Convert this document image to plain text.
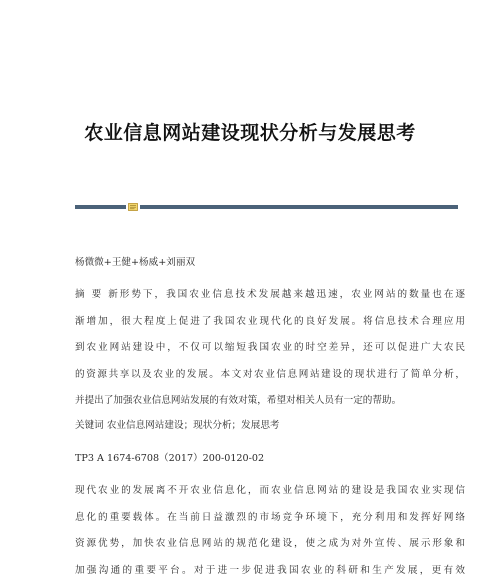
农业信息网站建设现状分析与发展思考
杨微微+王健+杨威+刘丽双
摘 要 新形势下，我国农业信息技术发展越来越迅速，农业网站的数量也在逐
渐增加，很大程度上促进了我国农业现代化的良好发展。将信息技术合理应用
到农业网站建设中，不仅可以缩短我国农业的时空差异，还可以促进广大农民
的资源共享以及农业的发展。本文对农业信息网站建设的现状进行了简单分析，
并提出了加强农业信息网站发展的有效对策，希望对相关人员有一定的帮助。
关键词 农业信息网站建设；现状分析；发展思考
TP3 A 1674-6708（2017）200-0120-02
现代农业的发展离不开农业信息化，而农业信息网站的建设是我国农业实现信
息化的重要载体。在当前日益激烈的市场竞争环境下，充分利用和发挥好网络
资源优势，加快农业信息网站的规范化建设，使之成为对外宣传、展示形象和
加强沟通的重要平台。对于进一步促进我国农业的科研和生产发展，更有效
